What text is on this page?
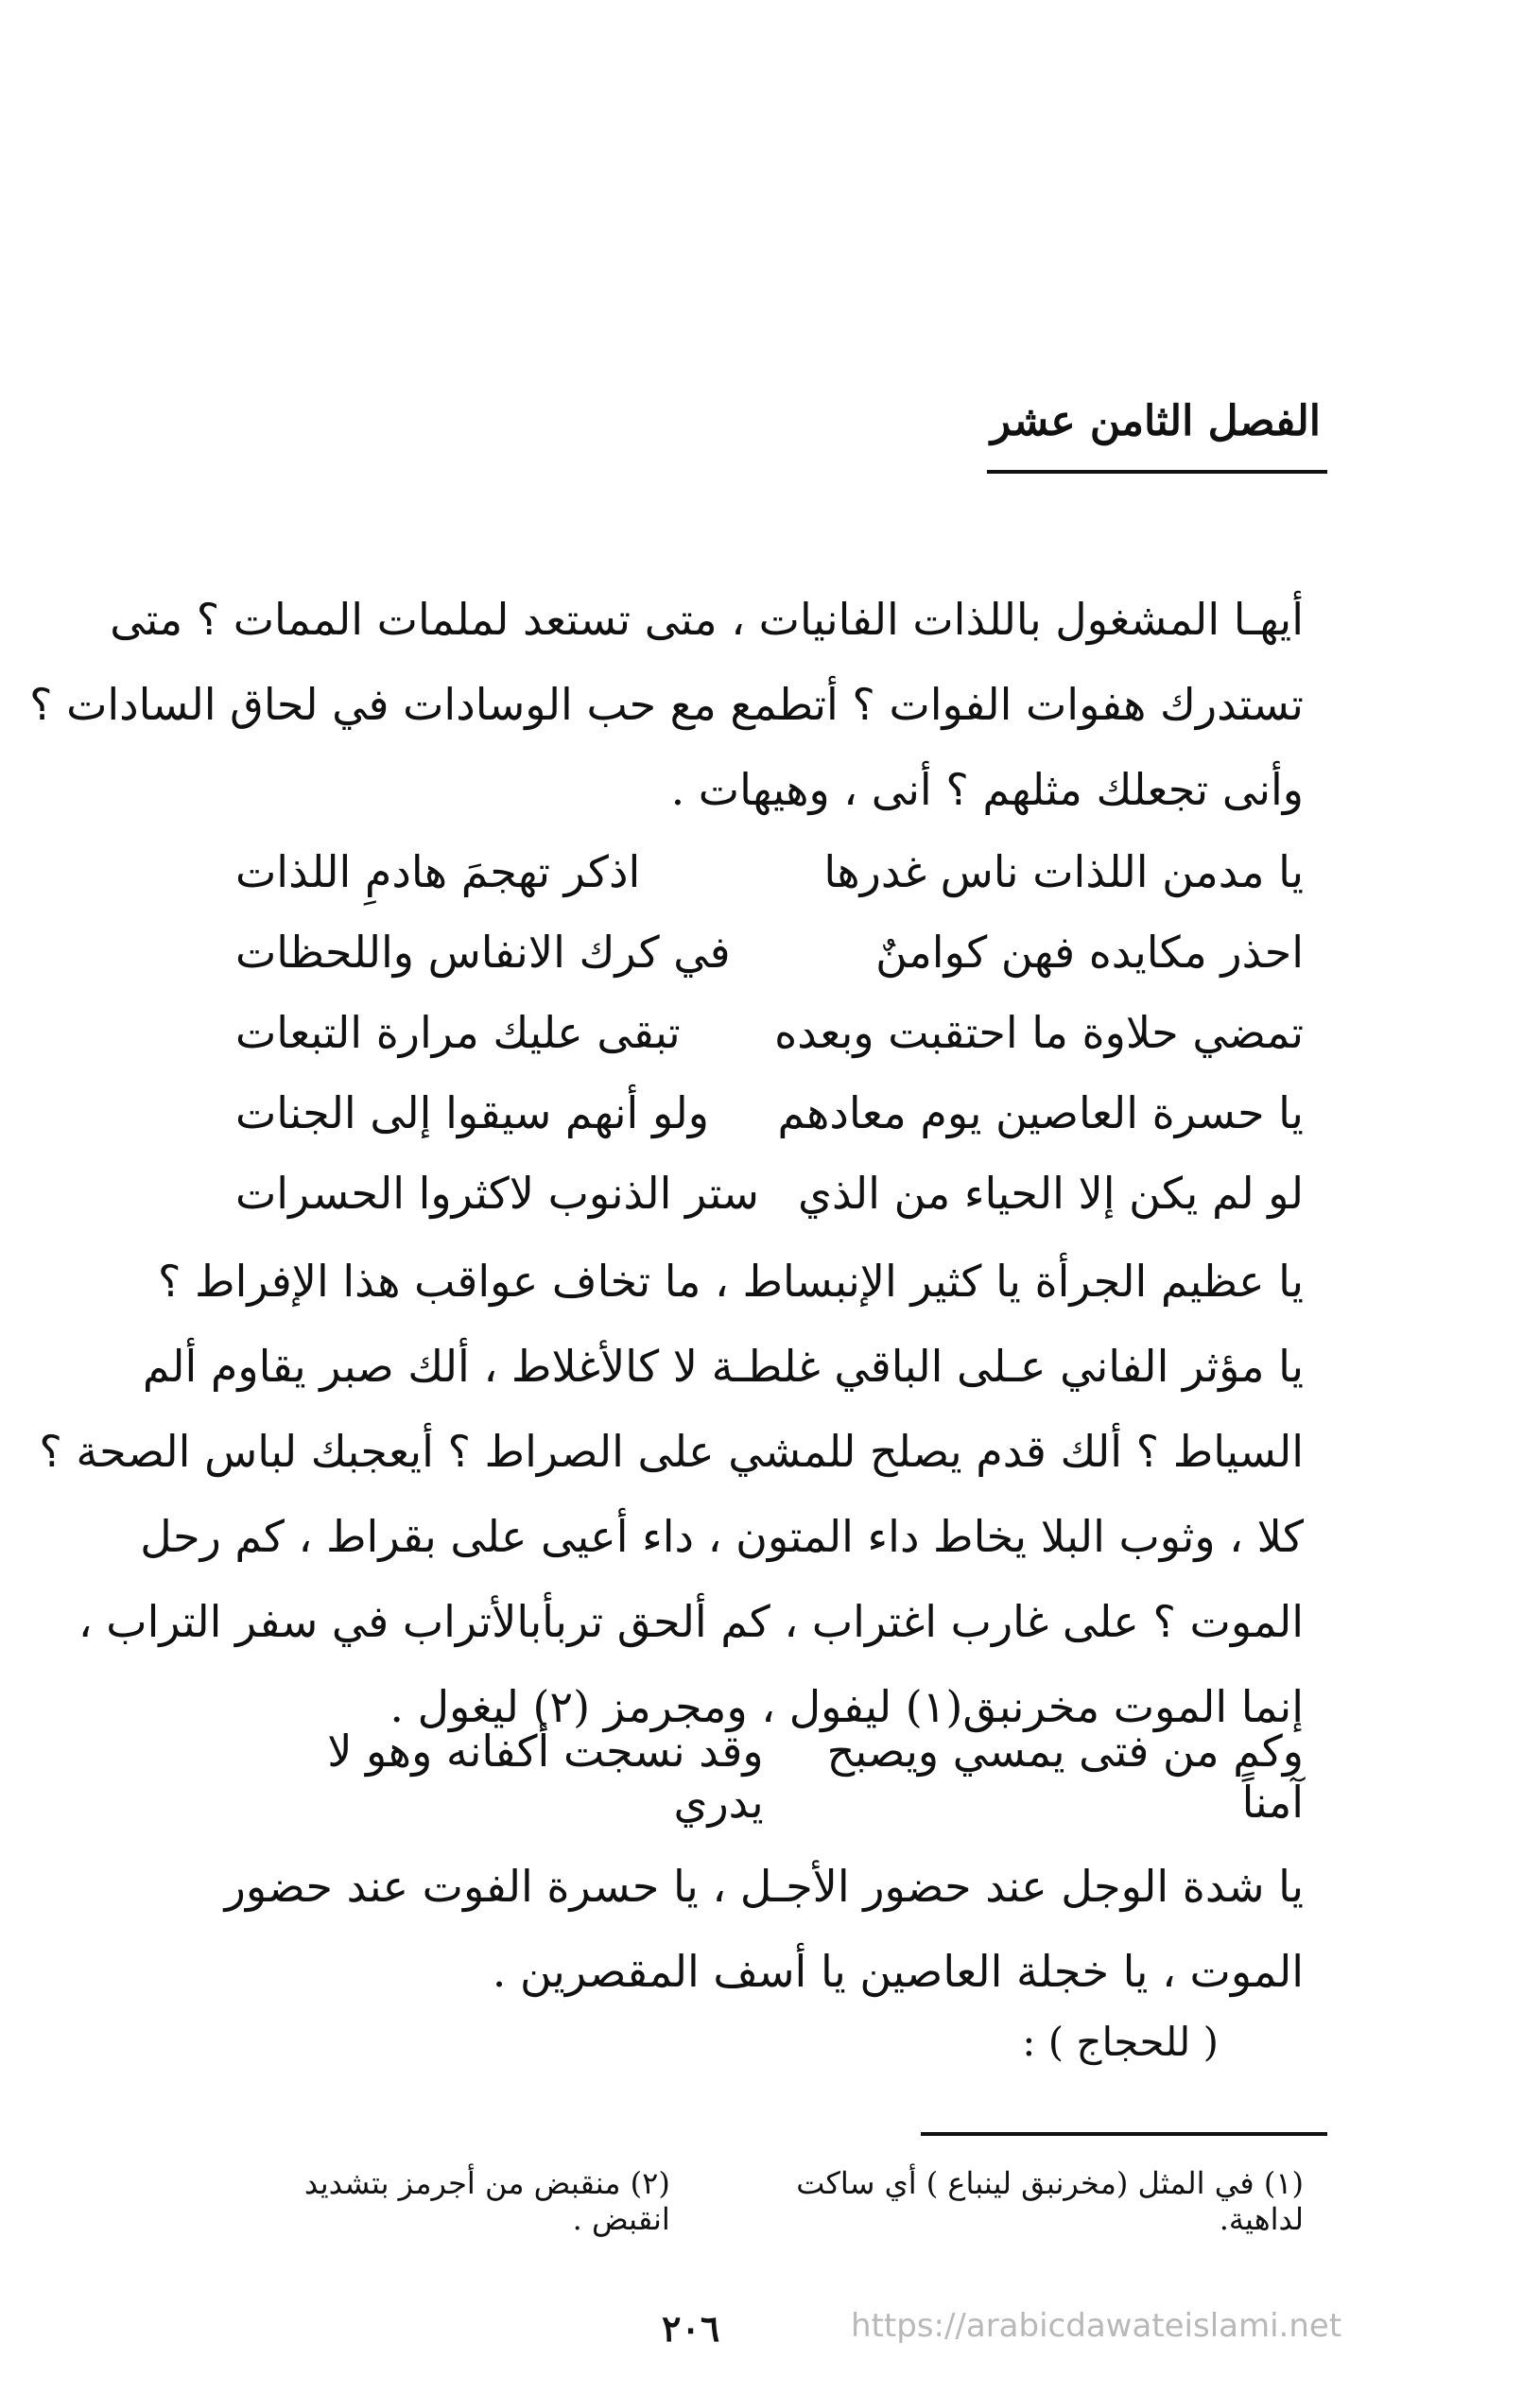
الفصل الثامن عشر
أيهـا المشغول باللذات الفانيات ، متى تستعد لملمات الممات ؟ متى
تستدرك هفوات الفوات ؟ أتطمع مع حب الوسادات في لحاق السادات ؟
وأنى تجعلك مثلهم ؟ أنى ، وهيهات .
يا مدمن اللذات ناس غدرها
اذكر تهجمَ هادمِ اللذات
احذر مكايده فهن كوامنٌ
في كرك الانفاس واللحظات
تمضي حلاوة ما احتقبت وبعده
تبقى عليك مرارة التبعات
يا حسرة العاصين يوم معادهم
ولو أنهم سيقوا إلى الجنات
لو لم يكن إلا الحياء من الذي
ستر الذنوب لاكثروا الحسرات
يا عظيم الجرأة يا كثير الإنبساط ، ما تخاف عواقب هذا الإفراط ؟
يا مؤثر الفاني عـلى الباقي غلطـة لا كالأغلاط ، ألك صبر يقاوم ألم
السياط ؟ ألك قدم يصلح للمشي على الصراط ؟ أيعجبك لباس الصحة ؟
كلا ، وثوب البلا يخاط داء المتون ، داء أعيى على بقراط ، كم رحل
الموت ؟ على غارب اغتراب ، كم ألحق تربأبالأتراب في سفر التراب ،
إنما الموت مخرنبق(١) ليفول ، ومجرمز (٢) ليغول .
وكم من فتى يمسي ويصبح آمناً
وقد نسجت أكفانه وهو لا يدري
يا شدة الوجل عند حضور الأجـل ، يا حسرة الفوت عند حضور
الموت ، يا خجلة العاصين يا أسف المقصرين .
( للحجاج ) :
(١) في المثل (مخرنبق لينباع ) أي ساكت لداهية.
(٢) منقبض من أجرمز بتشديد انقبض .
٢٠٦	https://arabicdawateislami.net
